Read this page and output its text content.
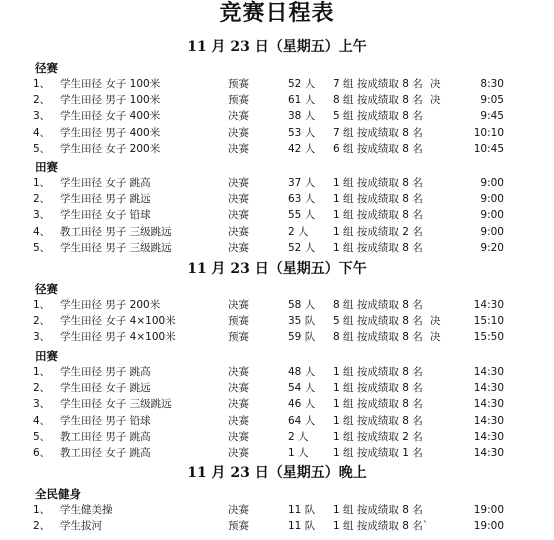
竞赛日程表
11 月 23 日（星期五）上午
径赛
1、 学生田径 女子 100米	预赛	52 人 7 组 按成绩取 8 名 决	8:30
2、 学生田径 男子 100米	预赛	61 人 8 组 按成绩取 8 名 决	9:05
3、 学生田径 女子 400米	决赛	38 人 5 组 按成绩取 8 名	9:45
4、 学生田径 男子 400米	决赛	53 人 7 组 按成绩取 8 名	10:10
5、 学生田径 女子 200米	决赛	42 人 6 组 按成绩取 8 名	10:45
田赛
1、 学生田径 女子 跳高	决赛	37 人 1 组 按成绩取 8 名	9:00
2、 学生田径 男子 跳远	决赛	63 人 1 组 按成绩取 8 名	9:00
3、 学生田径 女子 铅球	决赛	55 人 1 组 按成绩取 8 名	9:00
4、 教工田径 男子 三级跳远	决赛	2 人 1 组 按成绩取 2 名	9:00
5、 学生田径 男子 三级跳远	决赛	52 人 1 组 按成绩取 8 名	9:20
11 月 23 日（星期五）下午
径赛
1、 学生田径 男子 200米	决赛	58 人 8 组 按成绩取 8 名	14:30
2、 学生田径 女子 4×100米	预赛	35 队 5 组 按成绩取 8 名 决	15:10
3、 学生田径 男子 4×100米	预赛	59 队 8 组 按成绩取 8 名 决	15:50
田赛
1、 学生田径 男子 跳高	决赛	48 人 1 组 按成绩取 8 名	14:30
2、 学生田径 女子 跳远	决赛	54 人 1 组 按成绩取 8 名	14:30
3、 学生田径 女子 三级跳远	决赛	46 人 1 组 按成绩取 8 名	14:30
4、 学生田径 男子 铅球	决赛	64 人 1 组 按成绩取 8 名	14:30
5、 教工田径 男子 跳高	决赛	2 人 1 组 按成绩取 2 名	14:30
6、 教工田径 女子 跳高	决赛	1 人 1 组 按成绩取 1 名	14:30
11 月 23 日（星期五）晚上
全民健身
1、 学生健美操	决赛	11 队 1 组 按成绩取 8 名	19:00
2、 学生拔河	预赛	11 队 1 组 按成绩取 8 名`	19:00
